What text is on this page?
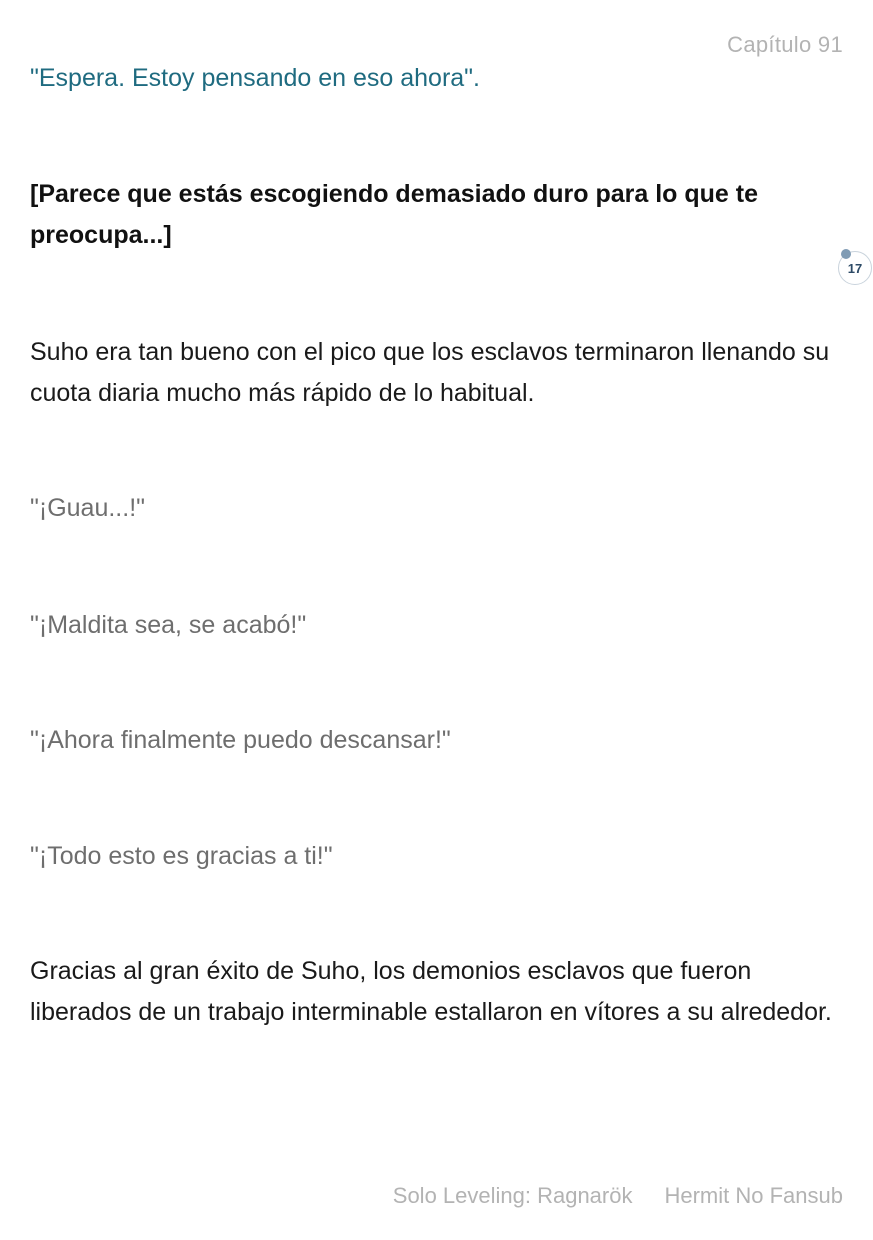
Capítulo 91

"Espera. Estoy pensando en eso ahora".

[Parece que estás escogiendo demasiado duro para lo que te preocupa...]

Suho era tan bueno con el pico que los esclavos terminaron llenando su cuota diaria mucho más rápido de lo habitual.

"¡Guau...!"

"¡Maldita sea, se acabó!"

"¡Ahora finalmente puedo descansar!"

"¡Todo esto es gracias a ti!"

Gracias al gran éxito de Suho, los demonios esclavos que fueron liberados de un trabajo interminable estallaron en vítores a su alrededor.

17
Solo Leveling: Ragnarök Hermit No Fansub
